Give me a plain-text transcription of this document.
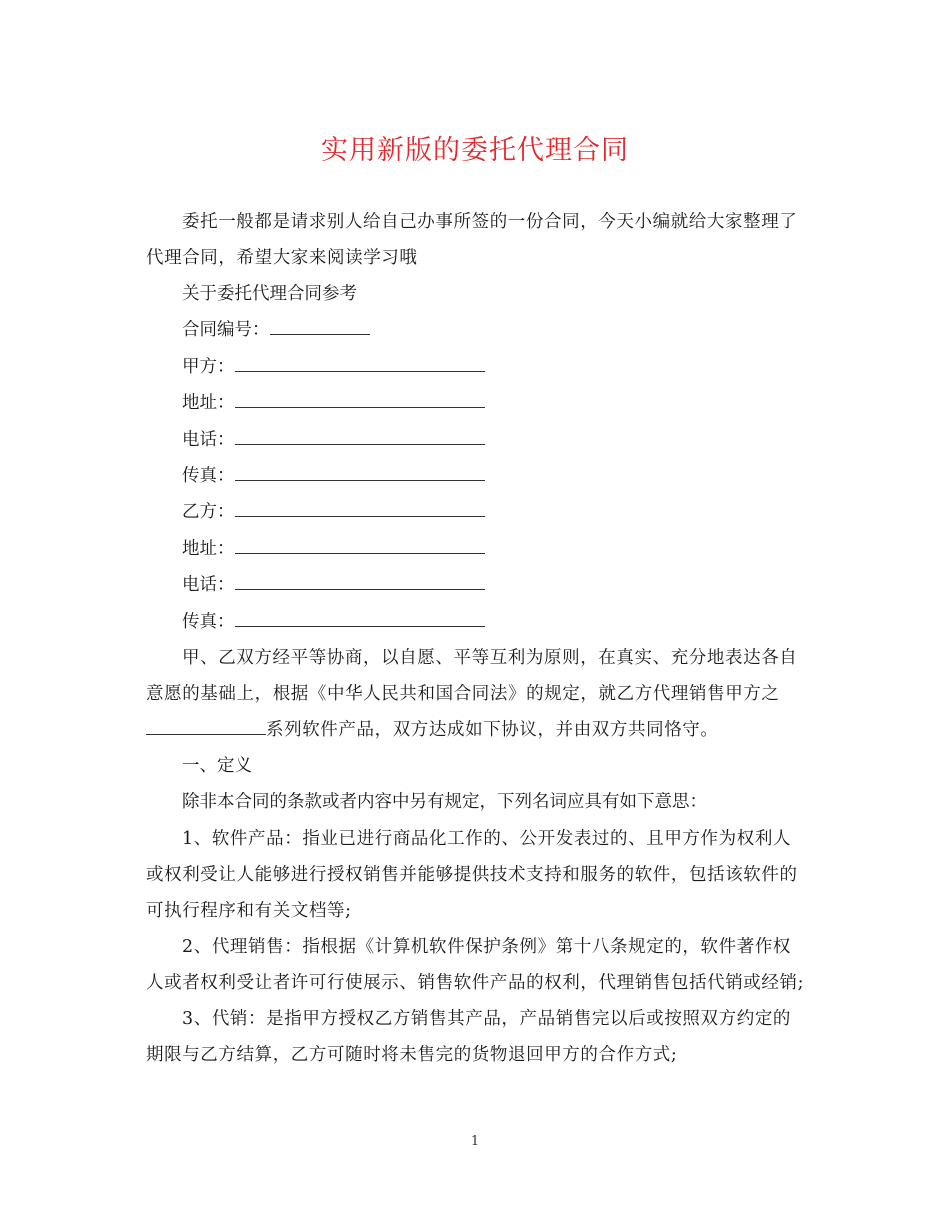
实用新版的委托代理合同

委托一般都是请求别人给自己办事所签的一份合同，今天小编就给大家整理了代理合同，希望大家来阅读学习哦

关于委托代理合同参考
合同编号：
甲方：
地址：
电话：
传真：
乙方：
地址：
电话：
传真：

甲、乙双方经平等协商，以自愿、平等互利为原则，在真实、充分地表达各自意愿的基础上，根据《中华人民共和国合同法》的规定，就乙方代理销售甲方之系列软件产品，双方达成如下协议，并由双方共同恪守。

一、定义
除非本合同的条款或者内容中另有规定，下列名词应具有如下意思：

1、软件产品：指业已进行商品化工作的、公开发表过的、且甲方作为权利人或权利受让人能够进行授权销售并能够提供技术支持和服务的软件，包括该软件的可执行程序和有关文档等;

2、代理销售：指根据《计算机软件保护条例》第十八条规定的，软件著作权人或者权利受让者许可行使展示、销售软件产品的权利，代理销售包括代销或经销;

3、代销：是指甲方授权乙方销售其产品，产品销售完以后或按照双方约定的期限与乙方结算，乙方可随时将未售完的货物退回甲方的合作方式;

1
